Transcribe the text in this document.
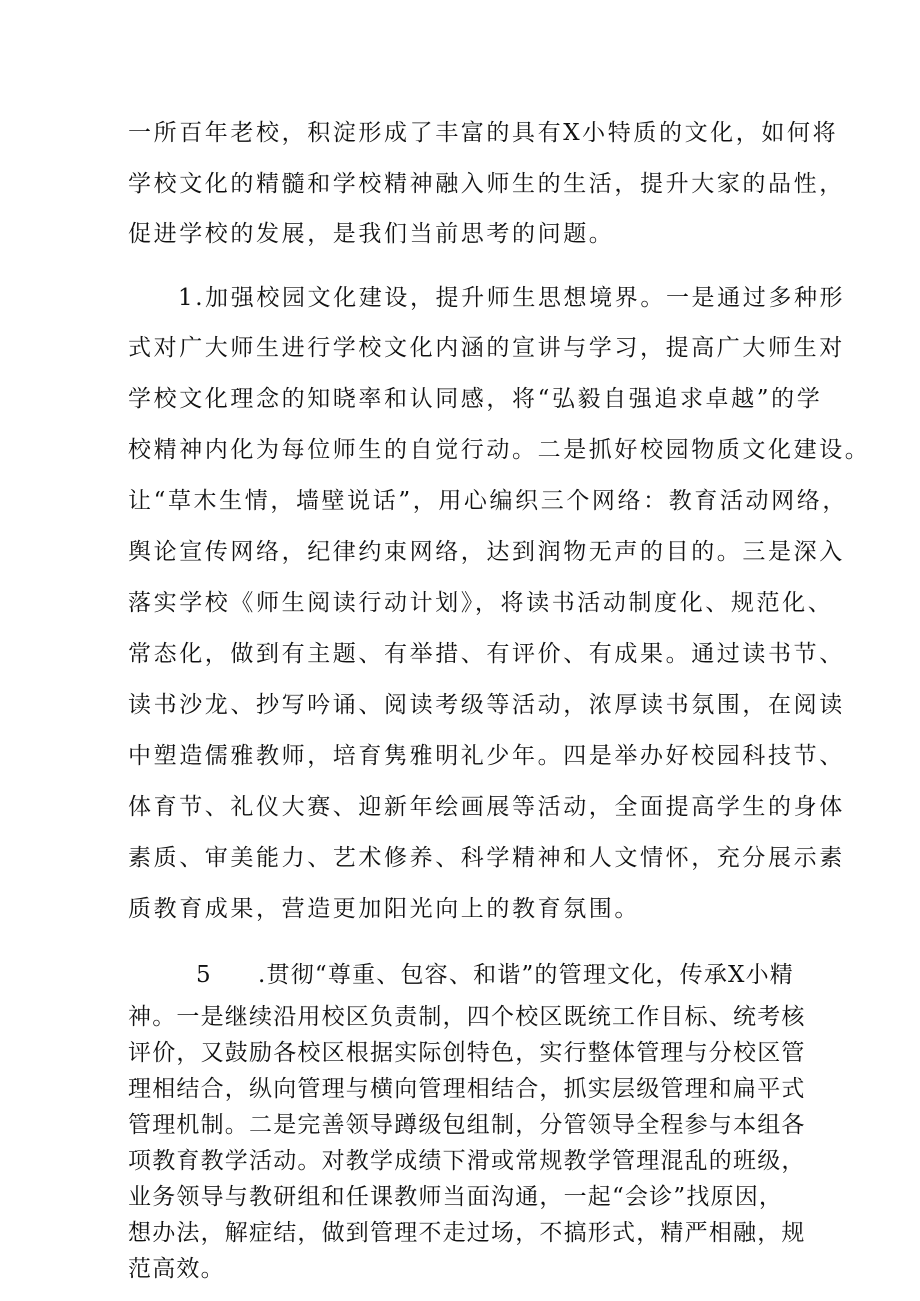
一所百年老校，积淀形成了丰富的具有X小特质的文化，如何将

学校文化的精髓和学校精神融入师生的生活，提升大家的品性，

促进学校的发展，是我们当前思考的问题。

1.加强校园文化建设，提升师生思想境界。一是通过多种形

式对广大师生进行学校文化内涵的宣讲与学习，提高广大师生对

学校文化理念的知晓率和认同感，将“弘毅自强追求卓越”的学

校精神内化为每位师生的自觉行动。二是抓好校园物质文化建设。

让“草木生情，墙壁说话”，用心编织三个网络：教育活动网络，

舆论宣传网络，纪律约束网络，达到润物无声的目的。三是深入

落实学校《师生阅读行动计划》，将读书活动制度化、规范化、

常态化，做到有主题、有举措、有评价、有成果。通过读书节、

读书沙龙、抄写吟诵、阅读考级等活动，浓厚读书氛围，在阅读

中塑造儒雅教师，培育隽雅明礼少年。四是举办好校园科技节、

体育节、礼仪大赛、迎新年绘画展等活动，全面提高学生的身体

素质、审美能力、艺术修养、科学精神和人文情怀，充分展示素

质教育成果，营造更加阳光向上的教育氛围。

5 .贯彻“尊重、包容、和谐”的管理文化，传承X小精

神。一是继续沿用校区负责制，四个校区既统工作目标、统考核

评价，又鼓励各校区根据实际创特色，实行整体管理与分校区管

理相结合，纵向管理与横向管理相结合，抓实层级管理和扁平式

管理机制。二是完善领导蹲级包组制，分管领导全程参与本组各

项教育教学活动。对教学成绩下滑或常规教学管理混乱的班级，

业务领导与教研组和任课教师当面沟通，一起“会诊”找原因，

想办法，解症结，做到管理不走过场，不搞形式，精严相融，规

范高效。
